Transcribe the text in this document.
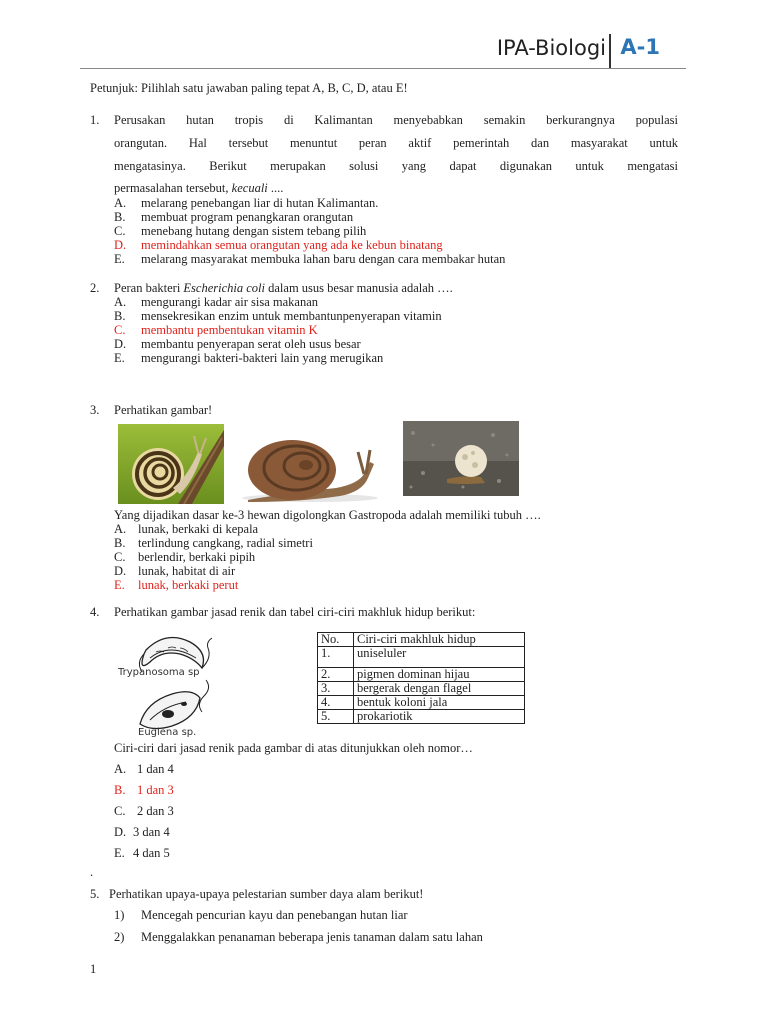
IPA-Biologi A-1
Petunjuk: Pilihlah satu jawaban paling tepat A, B, C, D, atau E!
1. Perusakan hutan tropis di Kalimantan menyebabkan semakin berkurangnya populasi
orangutan. Hal tersebut menuntut peran aktif pemerintah dan masyarakat untuk
mengatasinya. Berikut merupakan solusi yang dapat digunakan untuk mengatasi
permasalahan tersebut, kecuali ....
A. melarang penebangan liar di hutan Kalimantan.
B. membuat program penangkaran orangutan
C. menebang hutang dengan sistem tebang pilih
D. memindahkan semua orangutan yang ada ke kebun binatang
E. melarang masyarakat membuka lahan baru dengan cara membakar hutan
2. Peran bakteri Escherichia coli dalam usus besar manusia adalah ….
A. mengurangi kadar air sisa makanan
B. mensekresikan enzim untuk membantunpenyerapan vitamin
C. membantu pembentukan vitamin K
D. membantu penyerapan serat oleh usus besar
E. mengurangi bakteri-bakteri lain yang merugikan
3. Perhatikan gambar!
Yang dijadikan dasar ke-3 hewan digolongkan Gastropoda adalah memiliki tubuh ….
A. lunak, berkaki di kepala
B. terlindung cangkang, radial simetri
C. berlendir, berkaki pipih
D. lunak, habitat di air
E. lunak, berkaki perut
4. Perhatikan gambar jasad renik dan tabel ciri-ciri makhluk hidup berikut:
Trypanosoma sp
Euglena sp.
No.	Ciri-ciri makhluk hidup
1.	uniseluler
2.	pigmen dominan hijau
3.	bergerak dengan flagel
4.	bentuk koloni jala
5.	prokariotik
Ciri-ciri dari jasad renik pada gambar di atas ditunjukkan oleh nomor…
A. 1 dan 4
B. 1 dan 3
C. 2 dan 3
D. 3 dan 4
E. 4 dan 5
.
5. Perhatikan upaya-upaya pelestarian sumber daya alam berikut!
1) Mencegah pencurian kayu dan penebangan hutan liar
2) Menggalakkan penanaman beberapa jenis tanaman dalam satu lahan
1
